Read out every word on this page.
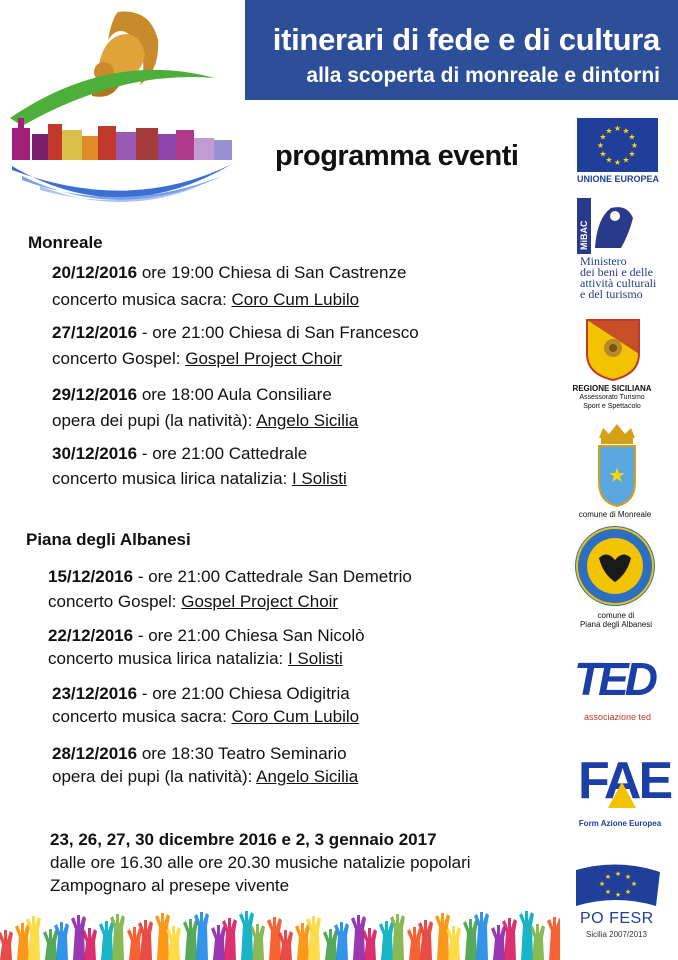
itinerari di fede e di cultura
alla scoperta di monreale e dintorni
programma eventi
Monreale
20/12/2016 ore 19:00 Chiesa di San Castrenze
concerto musica sacra: Coro Cum Lubilo
27/12/2016 - ore 21:00 Chiesa di San Francesco
concerto Gospel: Gospel Project Choir
29/12/2016 ore 18:00 Aula Consiliare
opera dei pupi (la natività): Angelo Sicilia
30/12/2016 - ore 21:00 Cattedrale
concerto musica lirica natalizia: I Solisti
Piana degli Albanesi
15/12/2016 - ore 21:00 Cattedrale San Demetrio
concerto Gospel: Gospel Project Choir
22/12/2016 - ore 21:00 Chiesa San Nicolò
concerto musica lirica natalizia: I Solisti
23/12/2016 - ore 21:00 Chiesa Odigitria
concerto musica sacra: Coro Cum Lubilo
28/12/2016 ore 18:30 Teatro Seminario
opera dei pupi (la natività): Angelo Sicilia
23, 26, 27, 30 dicembre 2016 e 2, 3 gennaio 2017
dalle ore 16.30 alle ore 20.30 musiche natalizie popolari
Zampognaro al presepe vivente
★ ★
★
★
★
★
★
★
★
★
★
★
UNIONE EUROPEA
MiBAC
Ministero
dei beni e delle
attività culturali
e del turismo
REGIONE SICILIANA
Assessorato Turismo
Sport e Spettacolo
★
comune di Monreale
comune di
Piana degli Albanesi
TED
associazione ted
FAE
Form Azione Europea
★ ★
★
★
★
★
★
★
PO FESR
Sicilia 2007/2013
